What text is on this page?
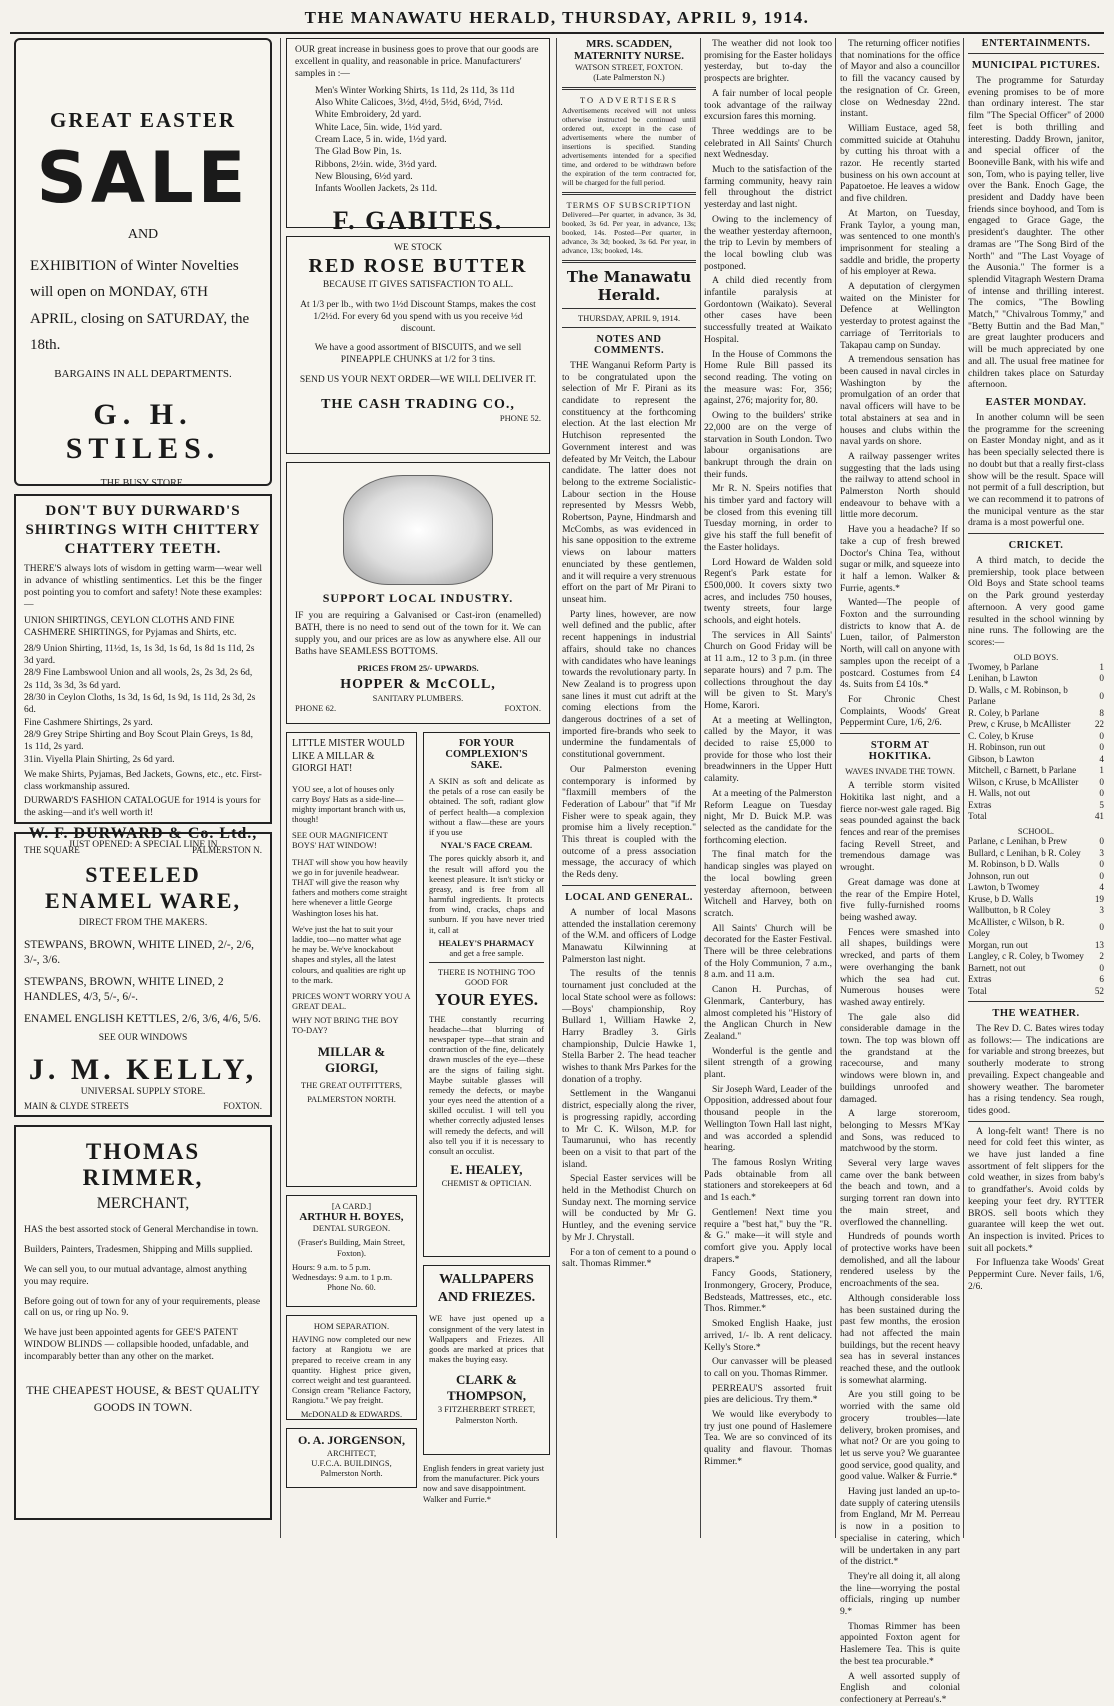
THE MANAWATU HERALD, THURSDAY, APRIL 9, 1914.
GREAT EASTER
SALE
AND
EXHIBITION of Winter Novelties will open on MONDAY, 6TH APRIL, closing on SATURDAY, the 18th.
BARGAINS IN ALL DEPARTMENTS.
G. H. STILES.
THE BUSY STORE.
DON'T BUY DURWARD'S SHIRTINGS WITH CHITTERY CHATTERY TEETH.
THERE'S always lots of wisdom in getting warm—wear well in advance of whistling sentimentics. Let this be the finger post pointing you to comfort and safety! Note these examples:—
UNION SHIRTINGS, CEYLON CLOTHS AND FINE CASHMERE SHIRTINGS, for Pyjamas and Shirts, etc.
28/9 Union Shirting, 11½d, 1s, 1s 3d, 1s 6d, 1s 8d 1s 11d, 2s 3d yard.
28/9 Fine Lambswool Union and all wools, 2s, 2s 3d, 2s 6d, 2s 11d, 3s 3d, 3s 6d yard.
28/30 in Ceylon Cloths, 1s 3d, 1s 6d, 1s 9d, 1s 11d, 2s 3d, 2s 6d.
Fine Cashmere Shirtings, 2s yard.
28/9 Grey Stripe Shirting and Boy Scout Plain Greys, 1s 8d, 1s 11d, 2s yard.
31in. Viyella Plain Shirting, 2s 6d yard.
We make Shirts, Pyjamas, Bed Jackets, Gowns, etc., etc. First-class workmanship assured.
DURWARD'S FASHION CATALOGUE for 1914 is yours for the asking—and it's well worth it!
W. F. DURWARD & Co. Ltd.,
THE SQUARE	PALMERSTON N.
JUST OPENED: A SPECIAL LINE IN
STEELED
ENAMEL WARE,
DIRECT FROM THE MAKERS.
STEWPANS, BROWN, WHITE LINED, 2/-, 2/6, 3/-, 3/6.
STEWPANS, BROWN, WHITE LINED, 2 HANDLES, 4/3, 5/-, 6/-.
ENAMEL ENGLISH KETTLES, 2/6, 3/6, 4/6, 5/6.
SEE OUR WINDOWS
J. M. KELLY,
UNIVERSAL SUPPLY STORE.
MAIN & CLYDE STREETS	FOXTON.
THOMAS RIMMER,
MERCHANT,
HAS the best assorted stock of General Merchandise in town.
Builders, Painters, Tradesmen, Shipping and Mills supplied.
We can sell you, to our mutual advantage, almost anything you may require.
Before going out of town for any of your requirements, please call on us, or ring up No. 9.
We have just been appointed agents for GEE'S PATENT WINDOW BLINDS — collapsible hooded, unfadable, and incomparably better than any other on the market.
THE CHEAPEST HOUSE, & BEST QUALITY GOODS IN TOWN.
OUR great increase in business goes to prove that our goods are excellent in quality, and reasonable in price. Manufacturers' samples in :—
Men's Winter Working Shirts, 1s 11d, 2s 11d, 3s 11d
Also White Calicoes, 3½d, 4½d, 5½d, 6½d, 7½d.
White Embroidery, 2d yard.
White Lace, 5in. wide, 1½d yard.
Cream Lace, 5 in. wide, 1½d yard.
The Glad Bow Pin, 1s.
Ribbons, 2½in. wide, 3½d yard.
New Blousing, 6½d yard.
Infants Woollen Jackets, 2s 11d.
F. GABITES.
WE STOCK
RED ROSE BUTTER
BECAUSE IT GIVES SATISFACTION TO ALL.
At 1/3 per lb., with two 1½d Discount Stamps, makes the cost 1/2½d. For every 6d you spend with us you receive ½d discount.
We have a good assortment of BISCUITS, and we sell PINEAPPLE CHUNKS at 1/2 for 3 tins.
SEND US YOUR NEXT ORDER—WE WILL DELIVER IT.
THE CASH TRADING CO.,
PHONE 52.
SUPPORT LOCAL INDUSTRY.
IF you are requiring a Galvanised or Cast-iron (enamelled) BATH, there is no need to send out of the town for it. We can supply you, and our prices are as low as anywhere else. All our Baths have SEAMLESS BOTTOMS.
PRICES FROM 25/- UPWARDS.
HOPPER & McCOLL,
SANITARY PLUMBERS.
PHONE 62.	FOXTON.
LITTLE MISTER WOULD LIKE A MILLAR & GIORGI HAT!
YOU see, a lot of houses only carry Boys' Hats as a side-line—mighty important branch with us, though!
SEE OUR MAGNIFICENT BOYS' HAT WINDOW!
THAT will show you how heavily we go in for juvenile headwear. THAT will give the reason why fathers and mothers come straight here whenever a little George Washington loses his hat.
We've just the hat to suit your laddie, too—no matter what age he may be. We've knockabout shapes and styles, all the latest colours, and qualities are right up to the mark.
PRICES WON'T WORRY YOU A GREAT DEAL.
WHY NOT BRING THE BOY TO-DAY?
MILLAR & GIORGI,
THE GREAT OUTFITTERS,
PALMERSTON NORTH.
[A CARD.]
ARTHUR H. BOYES,
DENTAL SURGEON.
(Fraser's Building, Main Street, Foxton).
Hours: 9 a.m. to 5 p.m. Wednesdays: 9 a.m. to 1 p.m.
Phone No. 60.
HOM SEPARATION.
HAVING now completed our new factory at Rangiotu we are prepared to receive cream in any quantity. Highest price given, correct weight and test guaranteed. Consign cream "Reliance Factory, Rangiotu." We pay freight.
McDONALD & EDWARDS.
O. A. JORGENSON,
ARCHITECT,
U.F.C.A. BUILDINGS,
Palmerston North.
FOR YOUR COMPLEXION'S SAKE.
A SKIN as soft and delicate as the petals of a rose can easily be obtained. The soft, radiant glow of perfect health—a complexion without a flaw—these are yours if you use
NYAL'S FACE CREAM.
The pores quickly absorb it, and the result will afford you the keenest pleasure. It isn't sticky or greasy, and is free from all harmful ingredients. It protects from wind, cracks, chaps and sunburn. If you have never tried it, call at
HEALEY'S PHARMACY
and get a free sample.
THERE IS NOTHING TOO GOOD FOR
YOUR EYES.
THE constantly recurring headache—that blurring of newspaper type—that strain and contraction of the fine, delicately drawn muscles of the eye—these are the signs of failing sight. Maybe suitable glasses will remedy the defects, or maybe your eyes need the attention of a skilled occulist. I will tell you whether correctly adjusted lenses will remedy the defects, and will also tell you if it is necessary to consult an occulist.
E. HEALEY,
CHEMIST & OPTICIAN.
WALLPAPERS AND FRIEZES.
WE have just opened up a consignment of the very latest in Wallpapers and Friezes. All goods are marked at prices that makes the buying easy.
CLARK & THOMPSON,
3 FITZHERBERT STREET,
Palmerston North.
English fenders in great variety just from the manufacturer. Pick yours now and save disappointment. Walker and Furrie.*
MRS. SCADDEN,
MATERNITY NURSE.
WATSON STREET, FOXTON.
(Late Palmerston N.)
TO ADVERTISERS
Advertisements received will not unless otherwise instructed be continued until ordered out, except in the case of advertisements where the number of insertions is specified. Standing advertisements intended for a specified time, and ordered to be withdrawn before the expiration of the term contracted for, will be charged for the full period.
TERMS OF SUBSCRIPTION
Delivered—Per quarter, in advance, 3s 3d, booked, 3s 6d. Per year, in advance, 13s; booked, 14s. Posted—Per quarter, in advance, 3s 3d; booked, 3s 6d. Per year, in advance, 13s; booked, 14s.
The Manawatu Herald.
THURSDAY, APRIL 9, 1914.
NOTES AND COMMENTS.

THE Wanganui Reform Party is to be congratulated upon the selection of Mr F. Pirani as its candidate to represent the constituency at the forthcoming election. At the last election Mr Hutchison represented the Government interest and was defeated by Mr Veitch, the Labour candidate. The latter does not belong to the extreme Socialistic-Labour section in the House represented by Messrs Webb, Robertson, Payne, Hindmarsh and McCombs, as was evidenced in his sane opposition to the extreme views on labour matters enunciated by these gentlemen, and it will require a very strenuous effort on the part of Mr Pirani to unseat him.

Party lines, however, are now well defined and the public, after recent happenings in industrial affairs, should take no chances with candidates who have leanings towards the revolutionary party. In New Zealand is to progress upon sane lines it must cut adrift at the coming elections from the dangerous doctrines of a set of imported fire-brands who seek to undermine the fundamentals of constitutional government.

Our Palmerston evening contemporary is informed by "flaxmill members of the Federation of Labour" that "if Mr Fisher were to speak again, they promise him a lively reception." This threat is coupled with the outcome of a press association message, the accuracy of which the Reds deny.

LOCAL AND GENERAL.

A number of local Masons attended the installation ceremony of the W.M. and officers of Lodge Manawatu Kilwinning at Palmerston last night.

The results of the tennis tournament just concluded at the local State school were as follows:—Boys' championship, Roy Bullard 1, William Hawke 2, Harry Bradley 3. Girls championship, Dulcie Hawke 1, Stella Barber 2. The head teacher wishes to thank Mrs Parkes for the donation of a trophy.

Settlement in the Wanganui district, especially along the river, is progressing rapidly, according to Mr C. K. Wilson, M.P. for Taumarunui, who has recently been on a visit to that part of the island.

Special Easter services will be held in the Methodist Church on Sunday next. The morning service will be conducted by Mr G. Huntley, and the evening service by Mr J. Chrystall.

For a ton of cement to a pound o salt. Thomas Rimmer.*

The weather did not look too promising for the Easter holidays yesterday, but to-day the prospects are brighter.

A fair number of local people took advantage of the railway excursion fares this morning.

Three weddings are to be celebrated in All Saints' Church next Wednesday.

Much to the satisfaction of the farming community, heavy rain fell throughout the district yesterday and last night.

Owing to the inclemency of the weather yesterday afternoon, the trip to Levin by members of the local bowling club was postponed.

A child died recently from infantile paralysis at Gordontown (Waikato). Several other cases have been successfully treated at Waikato Hospital.

In the House of Commons the Home Rule Bill passed its second reading. The voting on the measure was: For, 356; against, 276; majority for, 80.

Owing to the builders' strike 22,000 are on the verge of starvation in South London. Two labour organisations are bankrupt through the drain on their funds.

Mr R. N. Speirs notifies that his timber yard and factory will be closed from this evening till Tuesday morning, in order to give his staff the full benefit of the Easter holidays.

Lord Howard de Walden sold Regent's Park estate for £500,000. It covers sixty two acres, and includes 750 houses, twenty streets, four large schools, and eight hotels.

The services in All Saints' Church on Good Friday will be at 11 a.m., 12 to 3 p.m. (in three separate hours) and 7 p.m. The collections throughout the day will be given to St. Mary's Home, Karori.

At a meeting at Wellington, called by the Mayor, it was decided to raise £5,000 to provide for those who lost their breadwinners in the Upper Hutt calamity.

At a meeting of the Palmerston Reform League on Tuesday night, Mr D. Buick M.P. was selected as the candidate for the forthcoming election.

The final match for the handicap singles was played on the local bowling green yesterday afternoon, between Witchell and Harvey, both on scratch.

All Saints' Church will be decorated for the Easter Festival. There will be three celebrations of the Holy Communion, 7 a.m., 8 a.m. and 11 a.m.

Canon H. Purchas, of Glenmark, Canterbury, has almost completed his "History of the Anglican Church in New Zealand."

Wonderful is the gentle and silent strength of a growing plant.

Sir Joseph Ward, Leader of the Opposition, addressed about four thousand people in the Wellington Town Hall last night, and was accorded a splendid hearing.

The famous Roslyn Writing Pads obtainable from all stationers and storekeepers at 6d and 1s each.*

Gentlemen! Next time you require a "best hat," buy the "R. & G." make—it will style and comfort give you. Apply local drapers.*

Fancy Goods, Stationery, Ironmongery, Grocery, Produce, Bedsteads, Mattresses, etc., etc. Thos. Rimmer.*

Smoked English Haake, just arrived, 1/- lb. A rent delicacy. Kelly's Store.*

Our canvasser will be pleased to call on you. Thomas Rimmer.

PERREAU'S assorted fruit pies are delicious. Try them.*

We would like everybody to try just one pound of Haslemere Tea. We are so convinced of its quality and flavour. Thomas Rimmer.*

The returning officer notifies that nominations for the office of Mayor and also a councillor to fill the vacancy caused by the resignation of Cr. Green, close on Wednesday 22nd. instant.

William Eustace, aged 58, committed suicide at Otahuhu by cutting his throat with a razor. He recently started business on his own account at Papatoetoe. He leaves a widow and five children.

At Marton, on Tuesday, Frank Taylor, a young man, was sentenced to one month's imprisonment for stealing a saddle and bridle, the property of his employer at Rewa.

A deputation of clergymen waited on the Minister for Defence at Wellington yesterday to protest against the carriage of Territorials to Takapau camp on Sunday.

A tremendous sensation has been caused in naval circles in Washington by the promulgation of an order that naval officers will have to be total abstainers at sea and in houses and clubs within the naval yards on shore.

A railway passenger writes suggesting that the lads using the railway to attend school in Palmerston North should endeavour to behave with a little more decorum.

Have you a headache? If so take a cup of fresh brewed Doctor's China Tea, without sugar or milk, and squeeze into it half a lemon. Walker & Furrie, agents.*

Wanted—The people of Foxton and the surrounding districts to know that A. de Luen, tailor, of Palmerston North, will call on anyone with samples upon the receipt of a postcard. Costumes from £4 4s. Suits from £4 10s.*

For Chronic Chest Complaints, Woods' Great Peppermint Cure, 1/6, 2/6.

STORM AT HOKITIKA.
WAVES INVADE THE TOWN.

A terrible storm visited Hokitika last night, and a fierce nor-west gale raged. Big seas pounded against the back fences and rear of the premises facing Revell Street, and tremendous damage was wrought.

Great damage was done at the rear of the Empire Hotel, five fully-furnished rooms being washed away.

Fences were smashed into all shapes, buildings were wrecked, and parts of them were overhanging the bank which the sea had cut. Numerous houses were washed away entirely.

The gale also did considerable damage in the town. The top was blown off the grandstand at the racecourse, and many windows were blown in, and buildings unroofed and damaged.

A large storeroom, belonging to Messrs M'Kay and Sons, was reduced to matchwood by the storm.

Several very large waves came over the bank between the beach and town, and a surging torrent ran down into the main street, and overflowed the channelling.

Hundreds of pounds worth of protective works have been demolished, and all the labour rendered useless by the encroachments of the sea.

Although considerable loss has been sustained during the past few months, the erosion had not affected the main buildings, but the recent heavy sea has in several instances reached these, and the outlook is somewhat alarming.

Are you still going to be worried with the same old grocery troubles—late delivery, broken promises, and what not? Or are you going to let us serve you? We guarantee good service, good quality, and good value. Walker & Furrie.*

Having just landed an up-to-date supply of catering utensils from England, Mr M. Perreau is now in a position to specialise in catering, which will be undertaken in any part of the district.*

They're all doing it, all along the line—worrying the postal officials, ringing up number 9.*

Thomas Rimmer has been appointed Foxton agent for Haslemere Tea. This is quite the best tea procurable.*

A well assorted supply of English and colonial confectionery at Perreau's.*

ENTERTAINMENTS.
MUNICIPAL PICTURES.

The programme for Saturday evening promises to be of more than ordinary interest. The star film "The Special Officer" of 2000 feet is both thrilling and interesting. Daddy Brown, janitor, and special officer of the Booneville Bank, with his wife and son, Tom, who is paying teller, live over the Bank. Enoch Gage, the president and Daddy have been friends since boyhood, and Tom is engaged to Grace Gage, the president's daughter. The other dramas are "The Song Bird of the North" and "The Last Voyage of the Ausonia." The former is a splendid Vitagraph Western Drama of intense and thrilling interest. The comics, "The Bowling Match," "Chivalrous Tommy," and "Betty Buttin and the Bad Man," are great laughter producers and will be much appreciated by one and all. The usual free matinee for children takes place on Saturday afternoon.

EASTER MONDAY.

In another column will be seen the programme for the screening on Easter Monday night, and as it has been specially selected there is no doubt but that a really first-class show will be the result. Space will not permit of a full description, but we can recommend it to patrons of the municipal venture as the star drama is a most powerful one.

CRICKET.

A third match, to decide the premiership, took place between Old Boys and State school teams on the Park ground yesterday afternoon. A very good game resulted in the school winning by nine runs. The following are the scores:—

OLD BOYS.
Twomey, b Parlane	1
Lenihan, b Lawton	0
D. Walls, c M. Robinson, b Parlane	0
R. Coley, b Parlane	8
Prew, c Kruse, b McAllister	22
C. Coley, b Kruse	0
H. Robinson, run out	0
Gibson, b Lawton	4
Mitchell, c Barnett, b Parlane	1
Wilson, c Kruse, b McAllister	0
H. Walls, not out	0
Extras	5
Total	41
SCHOOL.
Parlane, c Lenihan, b Prew	0
Bullard, c Lenihan, b R. Coley	3
M. Robinson, b D. Walls	0
Johnson, run out	0
Lawton, b Twomey	4
Kruse, b D. Walls	19
Wallbutton, b R Coley	3
McAllister, c Wilson, b R. Coley	0
Morgan, run out	13
Langley, c R. Coley, b Twomey	2
Barnett, not out	0
Extras	6
Total	52
THE WEATHER.

The Rev D. C. Bates wires today as follows:— The indications are for variable and strong breezes, but southerly moderate to strong prevailing. Expect changeable and showery weather. The barometer has a rising tendency. Sea rough, tides good.

A long-felt want! There is no need for cold feet this winter, as we have just landed a fine assortment of felt slippers for the cold weather, in sizes from baby's to grandfather's. Avoid colds by keeping your feet dry. RYTTER BROS. sell boots which they guarantee will keep the wet out. An inspection is invited. Prices to suit all pockets.*

For Influenza take Woods' Great Peppermint Cure. Never fails, 1/6, 2/6.
